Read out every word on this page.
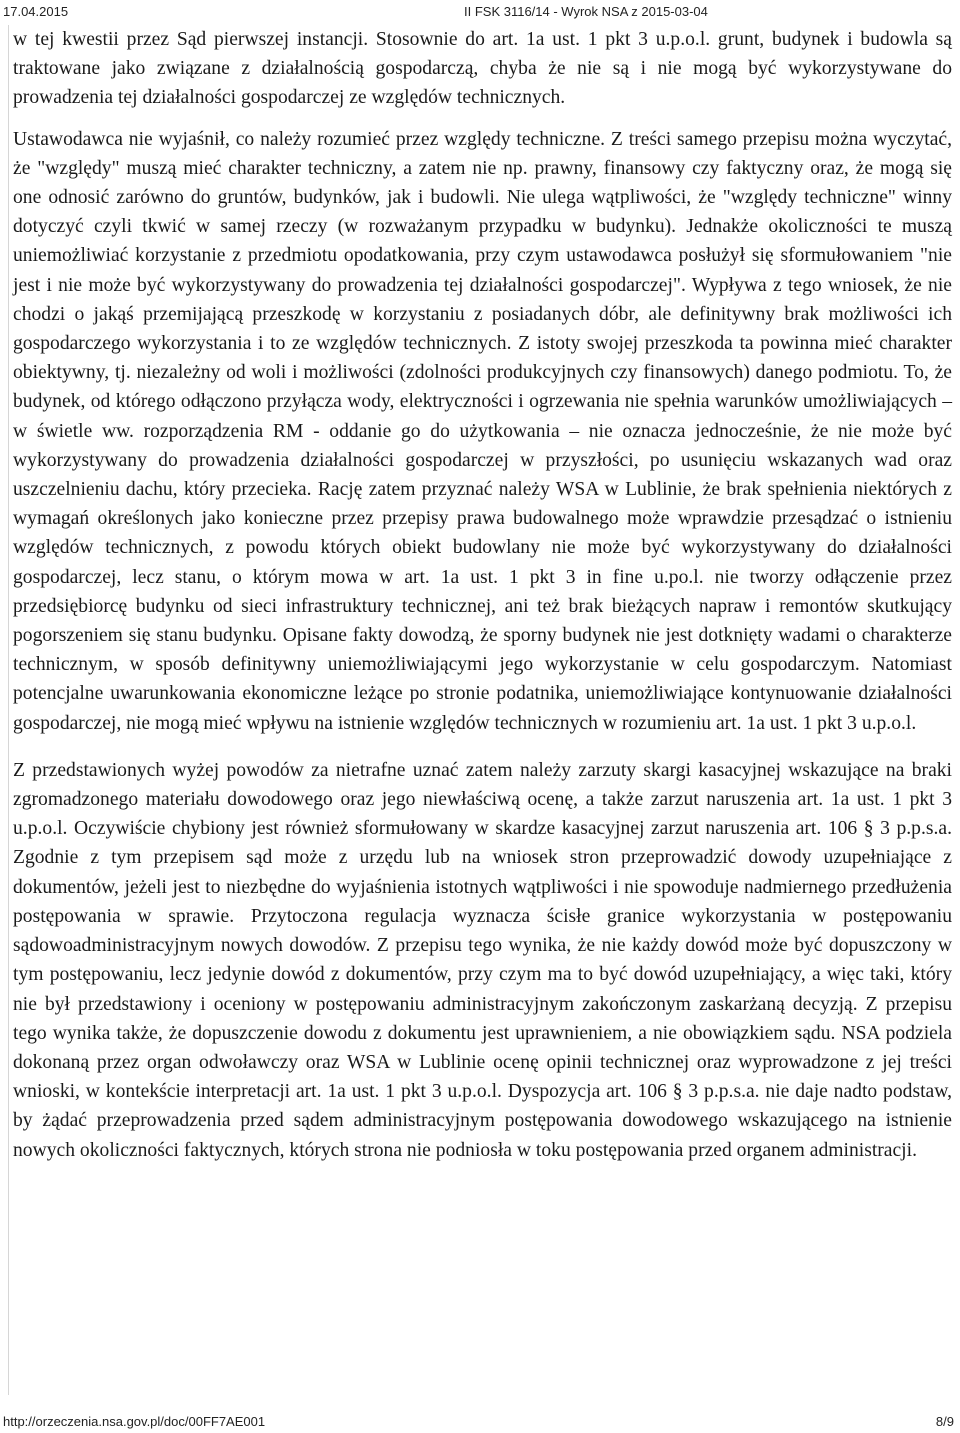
17.04.2015	II FSK 3116/14 - Wyrok NSA z 2015-03-04

w tej kwestii przez Sąd pierwszej instancji. Stosownie do art. 1a ust. 1 pkt 3 u.p.o.l. grunt, budynek i budowla są traktowane jako związane z działalnością gospodarczą, chyba że nie są i nie mogą być wykorzystywane do prowadzenia tej działalności gospodarczej ze względów technicznych.

Ustawodawca nie wyjaśnił, co należy rozumieć przez względy techniczne. Z treści samego przepisu można wyczytać, że "względy" muszą mieć charakter techniczny, a zatem nie np. prawny, finansowy czy faktyczny oraz, że mogą się one odnosić zarówno do gruntów, budynków, jak i budowli. Nie ulega wątpliwości, że "względy techniczne" winny dotyczyć czyli tkwić w samej rzeczy (w rozważanym przypadku w budynku). Jednakże okoliczności te muszą uniemożliwiać korzystanie z przedmiotu opodatkowania, przy czym ustawodawca posłużył się sformułowaniem "nie jest i nie może być wykorzystywany do prowadzenia tej działalności gospodarczej". Wypływa z tego wniosek, że nie chodzi o jakąś przemijającą przeszkodę w korzystaniu z posiadanych dóbr, ale definitywny brak możliwości ich gospodarczego wykorzystania i to ze względów technicznych. Z istoty swojej przeszkoda ta powinna mieć charakter obiektywny, tj. niezależny od woli i możliwości (zdolności produkcyjnych czy finansowych) danego podmiotu. To, że budynek, od którego odłączono przyłącza wody, elektryczności i ogrzewania nie spełnia warunków umożliwiających – w świetle ww. rozporządzenia RM - oddanie go do użytkowania – nie oznacza jednocześnie, że nie może być wykorzystywany do prowadzenia działalności gospodarczej w przyszłości, po usunięciu wskazanych wad oraz uszczelnieniu dachu, który przecieka. Rację zatem przyznać należy WSA w Lublinie, że brak spełnienia niektórych z wymagań określonych jako konieczne przez przepisy prawa budowalnego może wprawdzie przesądzać o istnieniu względów technicznych, z powodu których obiekt budowlany nie może być wykorzystywany do działalności gospodarczej, lecz stanu, o którym mowa w art. 1a ust. 1 pkt 3 in fine u.po.l. nie tworzy odłączenie przez przedsiębiorcę budynku od sieci infrastruktury technicznej, ani też brak bieżących napraw i remontów skutkujący pogorszeniem się stanu budynku. Opisane fakty dowodzą, że sporny budynek nie jest dotknięty wadami o charakterze technicznym, w sposób definitywny uniemożliwiającymi jego wykorzystanie w celu gospodarczym. Natomiast potencjalne uwarunkowania ekonomiczne leżące po stronie podatnika, uniemożliwiające kontynuowanie działalności gospodarczej, nie mogą mieć wpływu na istnienie względów technicznych w rozumieniu art. 1a ust. 1 pkt 3 u.p.o.l.

Z przedstawionych wyżej powodów za nietrafne uznać zatem należy zarzuty skargi kasacyjnej wskazujące na braki zgromadzonego materiału dowodowego oraz jego niewłaściwą ocenę, a także zarzut naruszenia art. 1a ust. 1 pkt 3 u.p.o.l. Oczywiście chybiony jest również sformułowany w skardze kasacyjnej zarzut naruszenia art. 106 § 3 p.p.s.a. Zgodnie z tym przepisem sąd może z urzędu lub na wniosek stron przeprowadzić dowody uzupełniające z dokumentów, jeżeli jest to niezbędne do wyjaśnienia istotnych wątpliwości i nie spowoduje nadmiernego przedłużenia postępowania w sprawie. Przytoczona regulacja wyznacza ścisłe granice wykorzystania w postępowaniu sądowoadministracyjnym nowych dowodów. Z przepisu tego wynika, że nie każdy dowód może być dopuszczony w tym postępowaniu, lecz jedynie dowód z dokumentów, przy czym ma to być dowód uzupełniający, a więc taki, który nie był przedstawiony i oceniony w postępowaniu administracyjnym zakończonym zaskarżaną decyzją. Z przepisu tego wynika także, że dopuszczenie dowodu z dokumentu jest uprawnieniem, a nie obowiązkiem sądu. NSA podziela dokonaną przez organ odwoławczy oraz WSA w Lublinie ocenę opinii technicznej oraz wyprowadzone z jej treści wnioski, w kontekście interpretacji art. 1a ust. 1 pkt 3 u.p.o.l. Dyspozycja art. 106 § 3 p.p.s.a. nie daje nadto podstaw, by żądać przeprowadzenia przed sądem administracyjnym postępowania dowodowego wskazującego na istnienie nowych okoliczności faktycznych, których strona nie podniosła w toku postępowania przed organem administracji.

http://orzeczenia.nsa.gov.pl/doc/00FF7AE001	8/9
